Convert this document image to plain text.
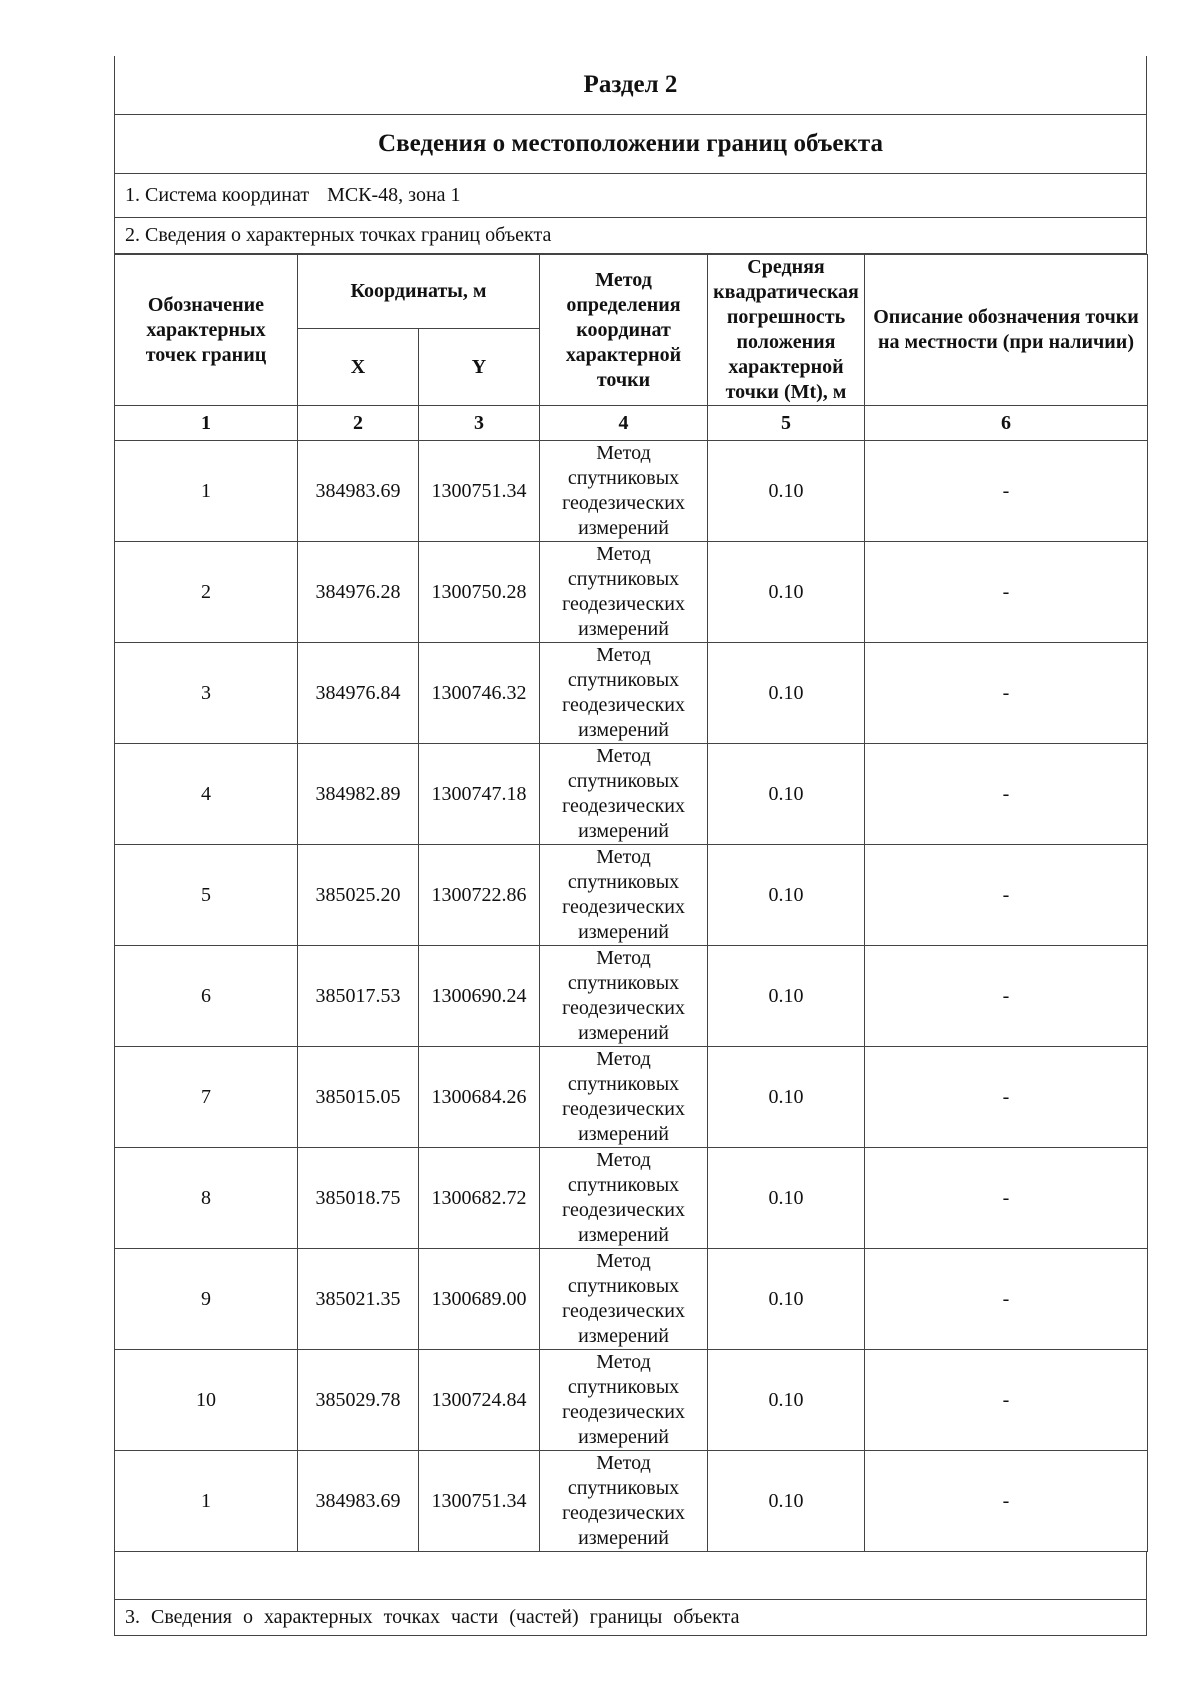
Раздел 2
Сведения о местоположении границ объекта
1. Система координат МСК-48, зона 1
2. Сведения о характерных точках границ объекта
Обозначение характерных точек границ	Координаты, м		Метод определения координат характерной точки	Средняя квадратическая погрешность положения характерной точки (Mt), м	Описание обозначения точки на местности (при наличии)
	X	Y			
1	2	3	4	5	6
1	384983.69	1300751.34	Метод спутниковых геодезических измерений	0.10	-
2	384976.28	1300750.28	Метод спутниковых геодезических измерений	0.10	-
3	384976.84	1300746.32	Метод спутниковых геодезических измерений	0.10	-
4	384982.89	1300747.18	Метод спутниковых геодезических измерений	0.10	-
5	385025.20	1300722.86	Метод спутниковых геодезических измерений	0.10	-
6	385017.53	1300690.24	Метод спутниковых геодезических измерений	0.10	-
7	385015.05	1300684.26	Метод спутниковых геодезических измерений	0.10	-
8	385018.75	1300682.72	Метод спутниковых геодезических измерений	0.10	-
9	385021.35	1300689.00	Метод спутниковых геодезических измерений	0.10	-
10	385029.78	1300724.84	Метод спутниковых геодезических измерений	0.10	-
1	384983.69	1300751.34	Метод спутниковых геодезических измерений	0.10	-
3. Сведения о характерных точках части (частей) границы объекта
